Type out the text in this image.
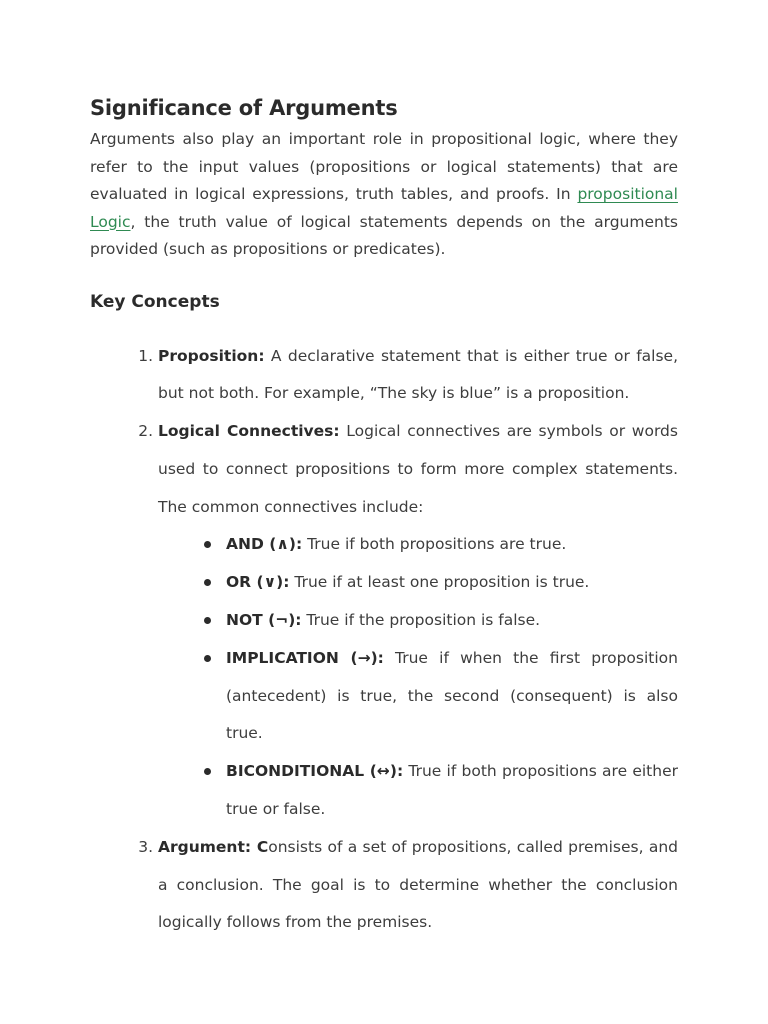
Significance of Arguments

Arguments also play an important role in propositional logic, where they refer to the input values (propositions or logical statements) that are evaluated in logical expressions, truth tables, and proofs. In propositional Logic, the truth value of logical statements depends on the arguments provided (such as propositions or predicates).

Key Concepts
1. Proposition: A declarative statement that is either true or false, but not both. For example, “The sky is blue” is a proposition.
2. Logical Connectives: Logical connectives are symbols or words used to connect propositions to form more complex statements. The common connectives include:
AND (∧): True if both propositions are true.
OR (∨): True if at least one proposition is true.
NOT (¬): True if the proposition is false.
IMPLICATION (→): True if when the first proposition (antecedent) is true, the second (consequent) is also true.
BICONDITIONAL (↔): True if both propositions are either true or false.
3. Argument: Consists of a set of propositions, called premises, and a conclusion. The goal is to determine whether the conclusion logically follows from the premises.
